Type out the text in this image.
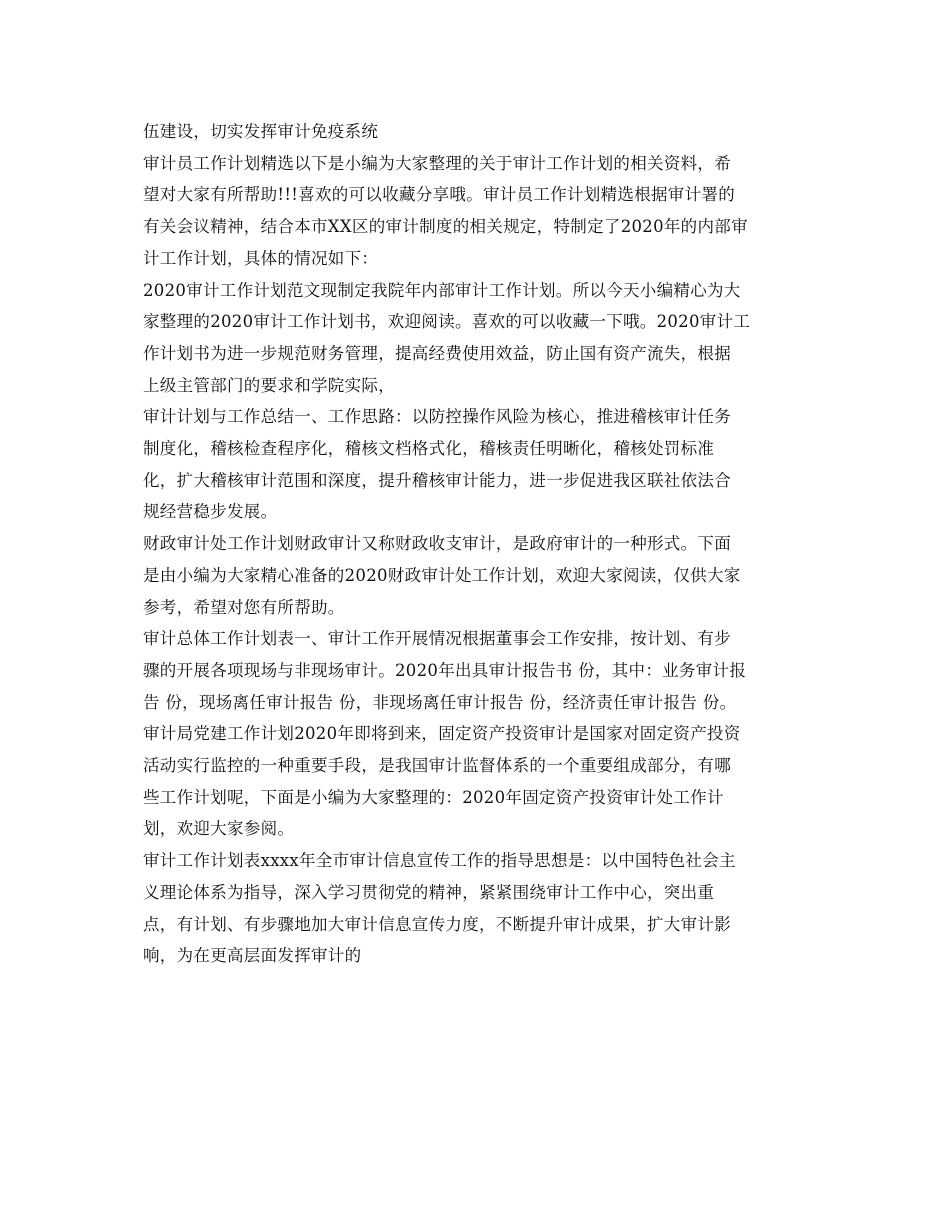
伍建设，切实发挥审计免疫系统
审计员工作计划精选以下是小编为大家整理的关于审计工作计划的相关资料，希
望对大家有所帮助!!!喜欢的可以收藏分享哦。审计员工作计划精选根据审计署的
有关会议精神，结合本市XX区的审计制度的相关规定，特制定了2020年的内部审
计工作计划，具体的情况如下：
2020审计工作计划范文现制定我院年内部审计工作计划。所以今天小编精心为大
家整理的2020审计工作计划书，欢迎阅读。喜欢的可以收藏一下哦。2020审计工
作计划书为进一步规范财务管理，提高经费使用效益，防止国有资产流失，根据
上级主管部门的要求和学院实际，
审计计划与工作总结一、工作思路：以防控操作风险为核心，推进稽核审计任务
制度化，稽核检查程序化，稽核文档格式化，稽核责任明晰化，稽核处罚标准
化，扩大稽核审计范围和深度，提升稽核审计能力，进一步促进我区联社依法合
规经营稳步发展。
财政审计处工作计划财政审计又称财政收支审计，是政府审计的一种形式。下面
是由小编为大家精心准备的2020财政审计处工作计划，欢迎大家阅读，仅供大家
参考，希望对您有所帮助。
审计总体工作计划表一、审计工作开展情况根据董事会工作安排，按计划、有步
骤的开展各项现场与非现场审计。2020年出具审计报告书 份，其中：业务审计报
告 份，现场离任审计报告 份，非现场离任审计报告 份，经济责任审计报告 份。
审计局党建工作计划2020年即将到来，固定资产投资审计是国家对固定资产投资
活动实行监控的一种重要手段，是我国审计监督体系的一个重要组成部分，有哪
些工作计划呢，下面是小编为大家整理的：2020年固定资产投资审计处工作计
划，欢迎大家参阅。
审计工作计划表xxxx年全市审计信息宣传工作的指导思想是：以中国特色社会主
义理论体系为指导，深入学习贯彻党的精神，紧紧围绕审计工作中心，突出重
点，有计划、有步骤地加大审计信息宣传力度，不断提升审计成果，扩大审计影
响，为在更高层面发挥审计的
